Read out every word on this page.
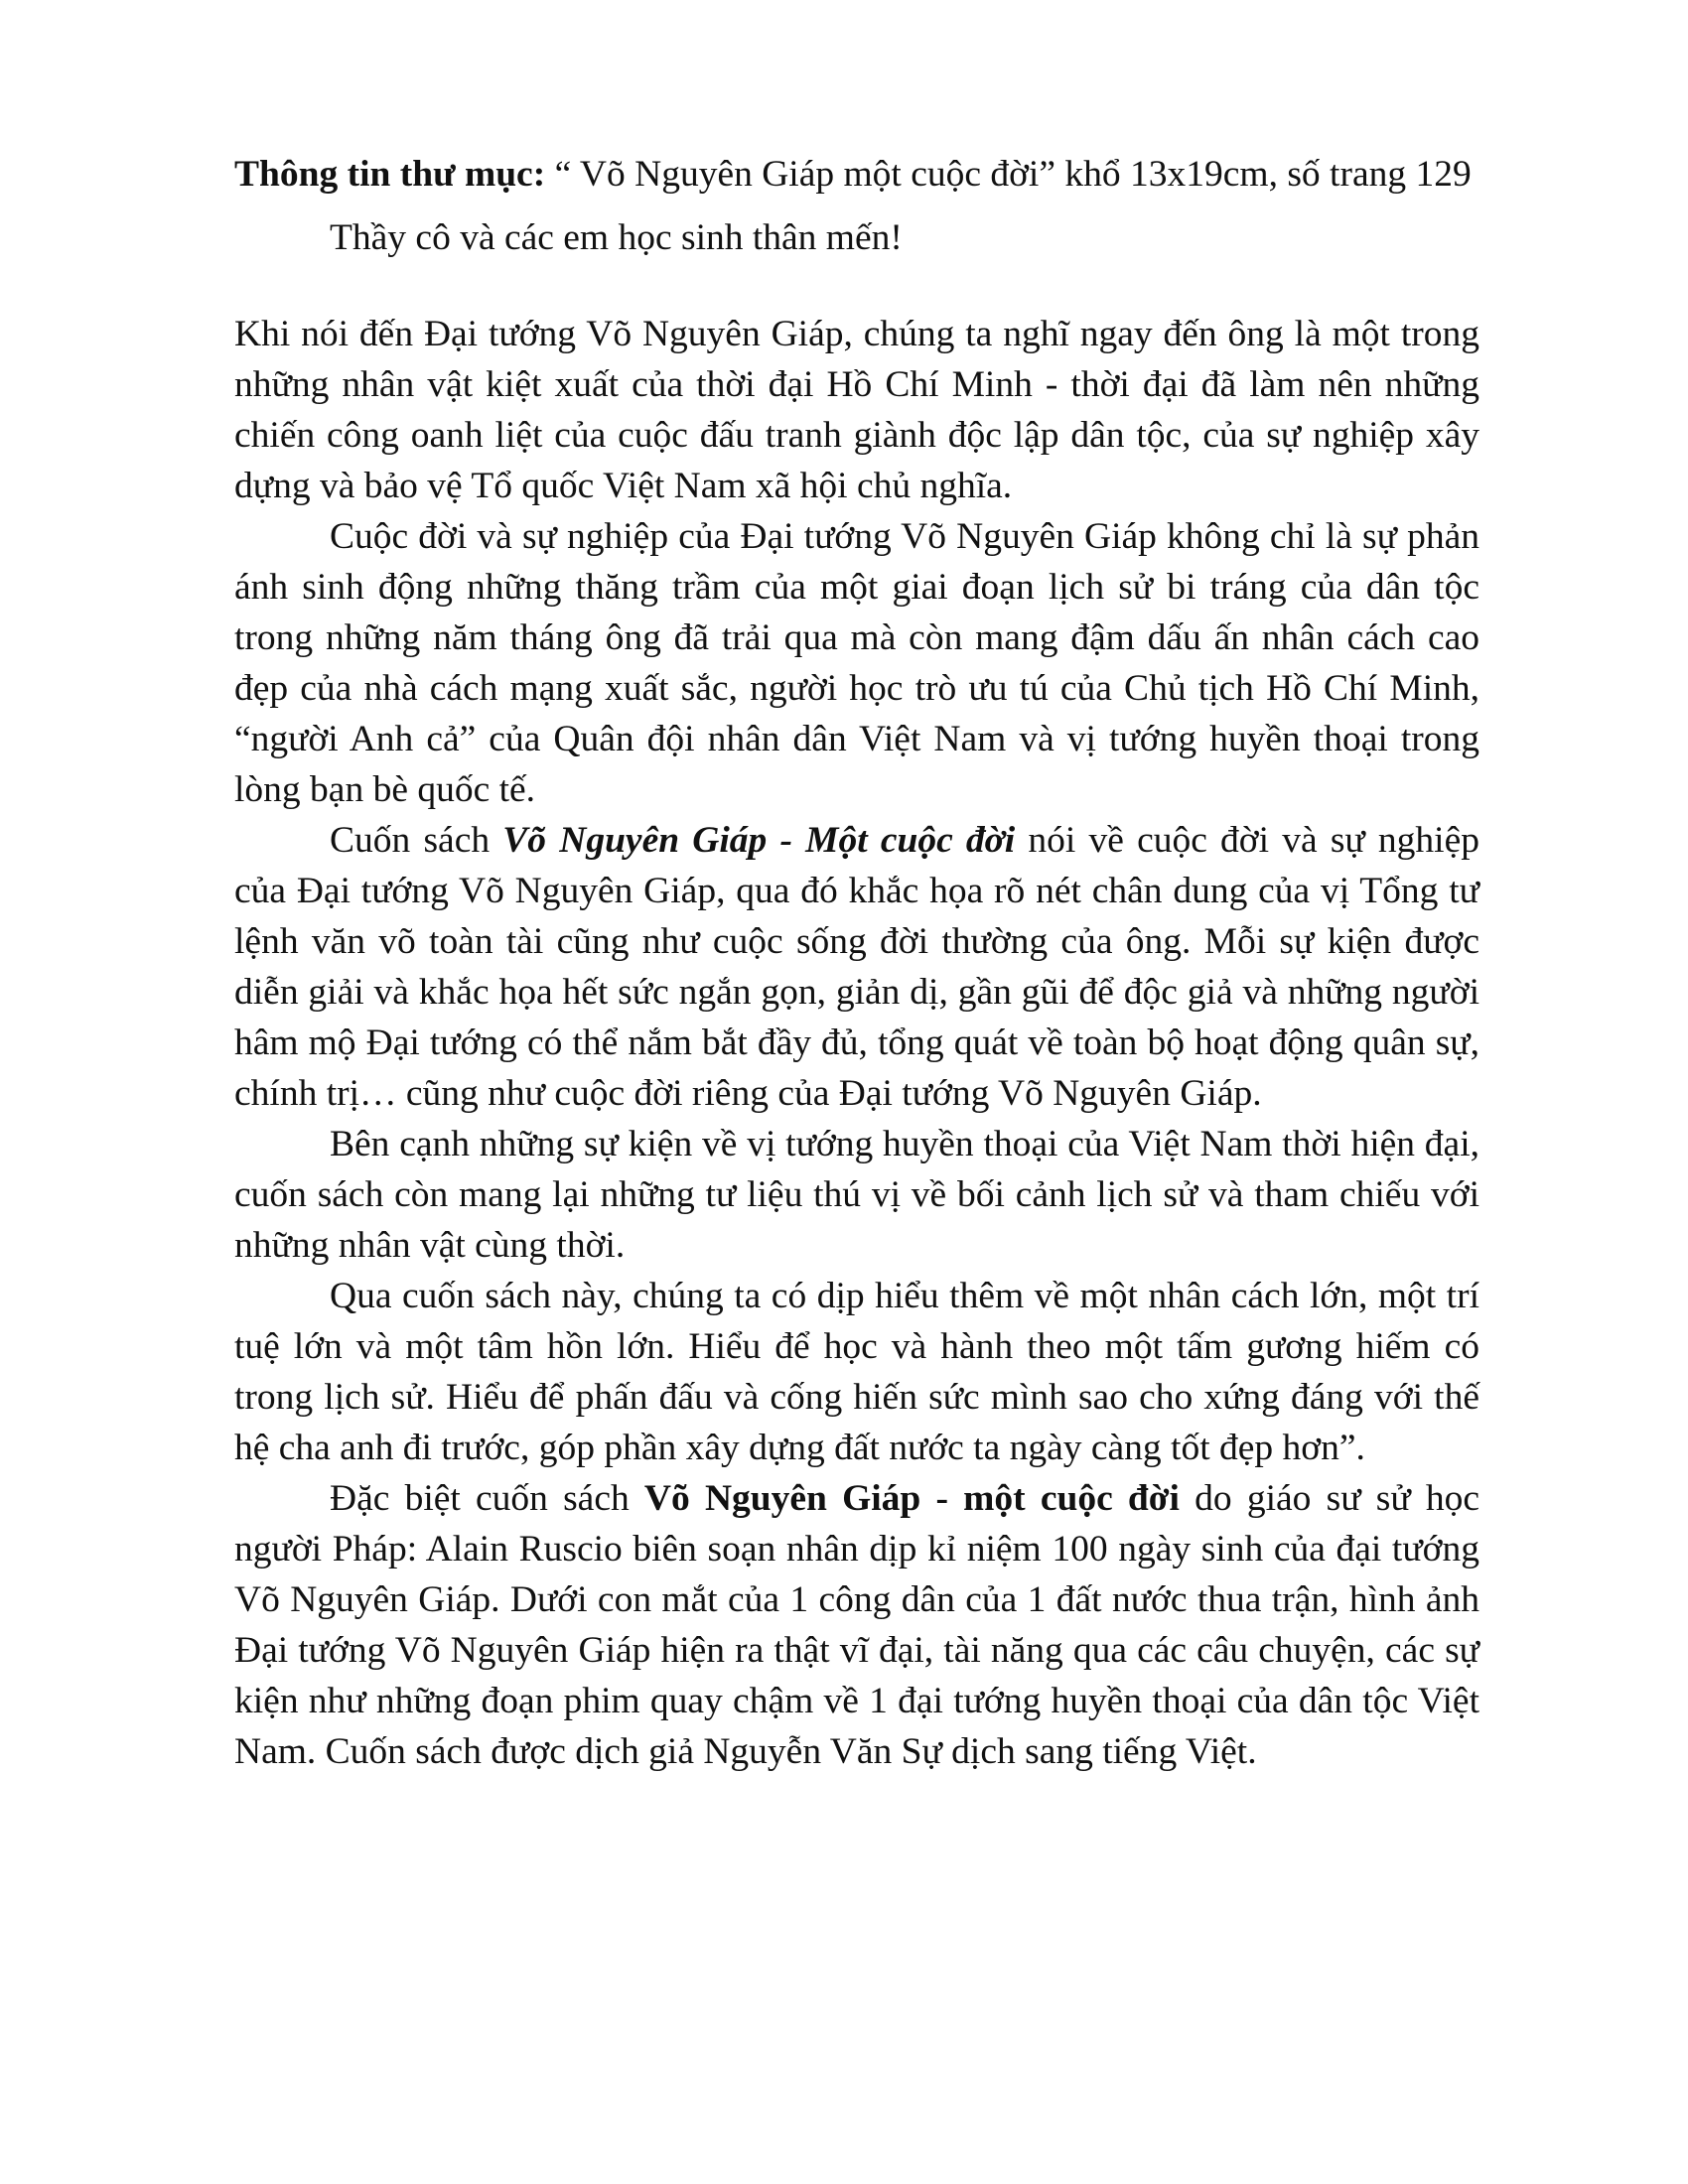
Thông tin thư mục: “ Võ Nguyên Giáp một cuộc đời” khổ 13x19cm, số trang 129

Thầy cô và các em học sinh thân mến!

Khi nói đến Đại tướng Võ Nguyên Giáp, chúng ta nghĩ ngay đến ông là một trong những nhân vật kiệt xuất của thời đại Hồ Chí Minh - thời đại đã làm nên những chiến công oanh liệt của cuộc đấu tranh giành độc lập dân tộc, của sự nghiệp xây dựng và bảo vệ Tổ quốc Việt Nam xã hội chủ nghĩa.

Cuộc đời và sự nghiệp của Đại tướng Võ Nguyên Giáp không chỉ là sự phản ánh sinh động những thăng trầm của một giai đoạn lịch sử bi tráng của dân tộc trong những năm tháng ông đã trải qua mà còn mang đậm dấu ấn nhân cách cao đẹp của nhà cách mạng xuất sắc, người học trò ưu tú của Chủ tịch Hồ Chí Minh, “người Anh cả” của Quân đội nhân dân Việt Nam và vị tướng huyền thoại trong lòng bạn bè quốc tế.

Cuốn sách Võ Nguyên Giáp - Một cuộc đời nói về cuộc đời và sự nghiệp của Đại tướng Võ Nguyên Giáp, qua đó khắc họa rõ nét chân dung của vị Tổng tư lệnh văn võ toàn tài cũng như cuộc sống đời thường của ông. Mỗi sự kiện được diễn giải và khắc họa hết sức ngắn gọn, giản dị, gần gũi để độc giả và những người hâm mộ Đại tướng có thể nắm bắt đầy đủ, tổng quát về toàn bộ hoạt động quân sự, chính trị… cũng như cuộc đời riêng của Đại tướng Võ Nguyên Giáp.

Bên cạnh những sự kiện về vị tướng huyền thoại của Việt Nam thời hiện đại, cuốn sách còn mang lại những tư liệu thú vị về bối cảnh lịch sử và tham chiếu với những nhân vật cùng thời.

Qua cuốn sách này, chúng ta có dịp hiểu thêm về một nhân cách lớn, một trí tuệ lớn và một tâm hồn lớn. Hiểu để học và hành theo một tấm gương hiếm có trong lịch sử. Hiểu để phấn đấu và cống hiến sức mình sao cho xứng đáng với thế hệ cha anh đi trước, góp phần xây dựng đất nước ta ngày càng tốt đẹp hơn”.

Đặc biệt cuốn sách Võ Nguyên Giáp - một cuộc đời do giáo sư sử học người Pháp: Alain Ruscio biên soạn nhân dịp kỉ niệm 100 ngày sinh của đại tướng Võ Nguyên Giáp. Dưới con mắt của 1 công dân của 1 đất nước thua trận, hình ảnh Đại tướng Võ Nguyên Giáp hiện ra thật vĩ đại, tài năng qua các câu chuyện, các sự kiện như những đoạn phim quay chậm về 1 đại tướng huyền thoại của dân tộc Việt Nam. Cuốn sách được dịch giả Nguyễn Văn Sự dịch sang tiếng Việt.
